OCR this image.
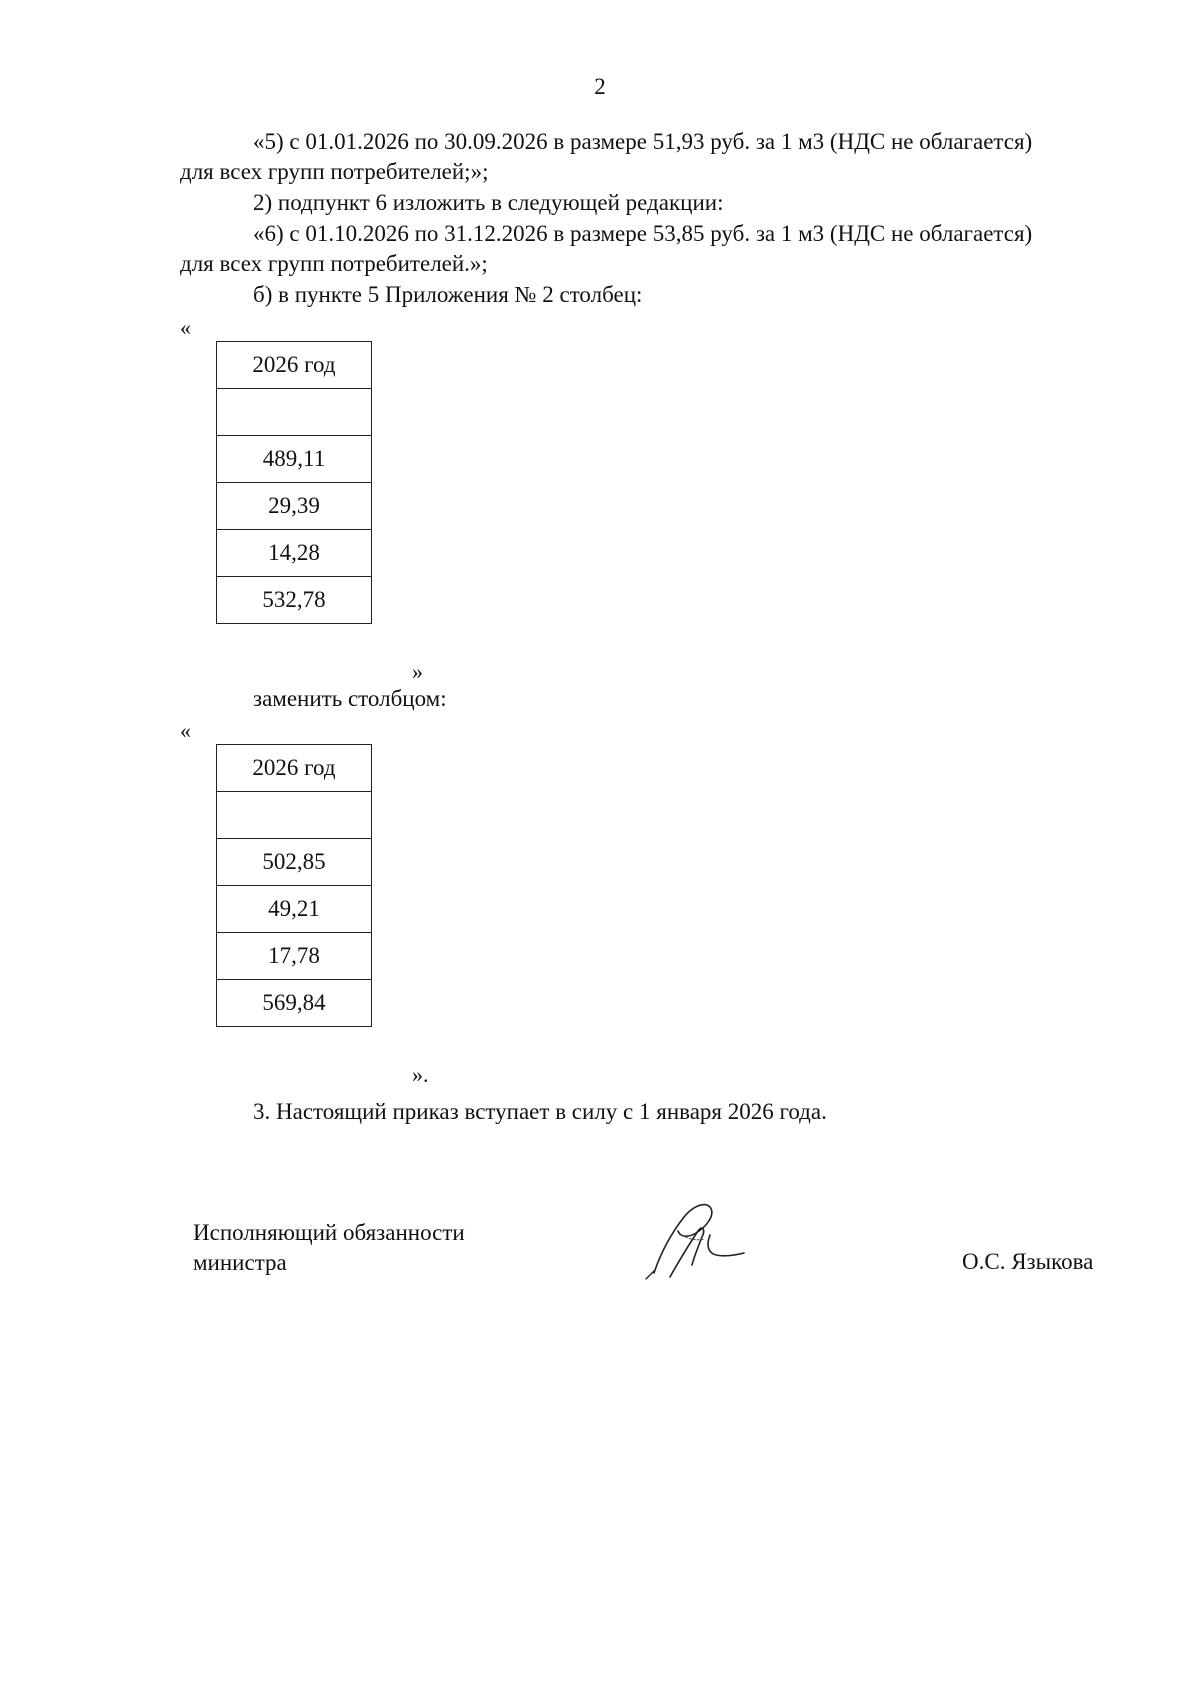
2

«5) с 01.01.2026 по 30.09.2026 в размере 51,93 руб. за 1 м3 (НДС не облагается)

для всех групп потребителей;»;

2) подпункт 6 изложить в следующей редакции:

«6) с 01.10.2026 по 31.12.2026 в размере 53,85 руб. за 1 м3 (НДС не облагается)

для всех групп потребителей.»;

б) в пункте 5 Приложения № 2 столбец:

«

2026 год

489,11
29,39
14,28
532,78

»

заменить столбцом:

«

2026 год

502,85
49,21
17,78
569,84

».

3. Настоящий приказ вступает в силу с 1 января 2026 года.

Исполняющий обязанности

министра	О.С. Языкова
